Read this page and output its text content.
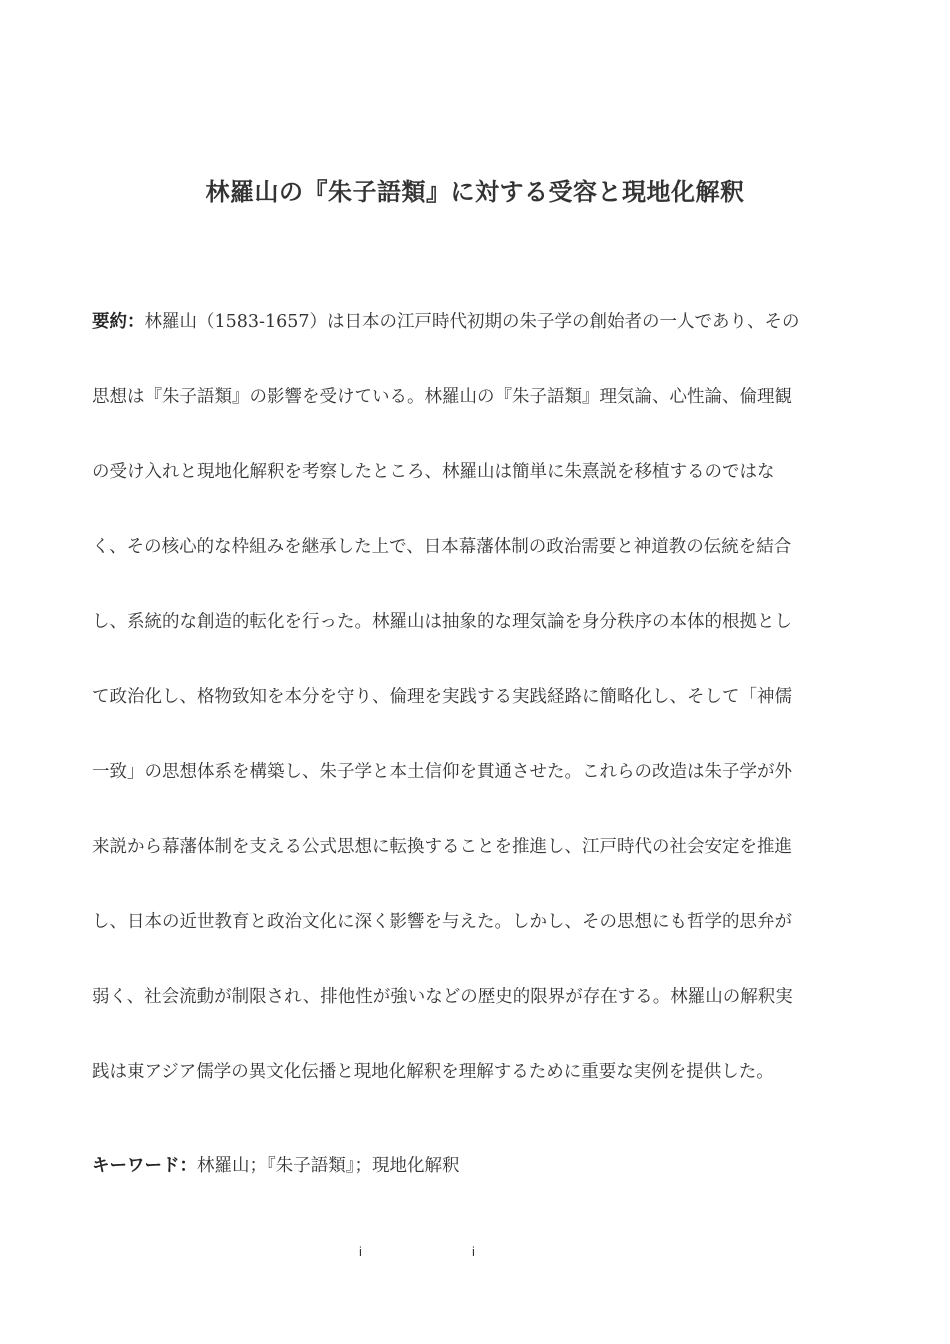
林羅山の『朱子語類』に対する受容と現地化解釈
要約：林羅山（1583-1657）は日本の江戸時代初期の朱子学の創始者の一人であり、その
思想は『朱子語類』の影響を受けている。林羅山の『朱子語類』理気論、心性論、倫理観
の受け入れと現地化解釈を考察したところ、林羅山は簡単に朱熹説を移植するのではな
く、その核心的な枠組みを継承した上で、日本幕藩体制の政治需要と神道教の伝統を結合
し、系統的な創造的転化を行った。林羅山は抽象的な理気論を身分秩序の本体的根拠とし
て政治化し、格物致知を本分を守り、倫理を実践する実践経路に簡略化し、そして「神儒
一致」の思想体系を構築し、朱子学と本土信仰を貫通させた。これらの改造は朱子学が外
来説から幕藩体制を支える公式思想に転換することを推進し、江戸時代の社会安定を推進
し、日本の近世教育と政治文化に深く影響を与えた。しかし、その思想にも哲学的思弁が
弱く、社会流動が制限され、排他性が強いなどの歴史的限界が存在する。林羅山の解釈実
践は東アジア儒学の異文化伝播と現地化解釈を理解するために重要な実例を提供した。
キーワード：林羅山；『朱子語類』；現地化解釈
i	i
